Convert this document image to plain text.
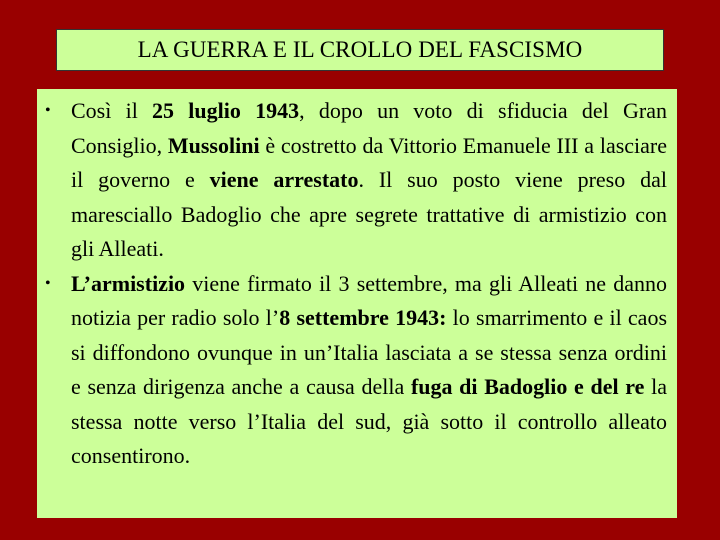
LA GUERRA E IL CROLLO DEL FASCISMO
• Così il 25 luglio 1943, dopo un voto di sfiducia del Gran Consiglio, Mussolini è costretto da Vittorio Emanuele III a lasciare il governo e viene arrestato. Il suo posto viene preso dal maresciallo Badoglio che apre segrete trattative di armistizio con gli Alleati.
• L’armistizio viene firmato il 3 settembre, ma gli Alleati ne danno notizia per radio solo l’8 settembre 1943: lo smarrimento e il caos si diffondono ovunque in un’Italia lasciata a se stessa senza ordini e senza dirigenza anche a causa della fuga di Badoglio e del re la stessa notte verso l’Italia del sud, già sotto il controllo alleato consentirono.
